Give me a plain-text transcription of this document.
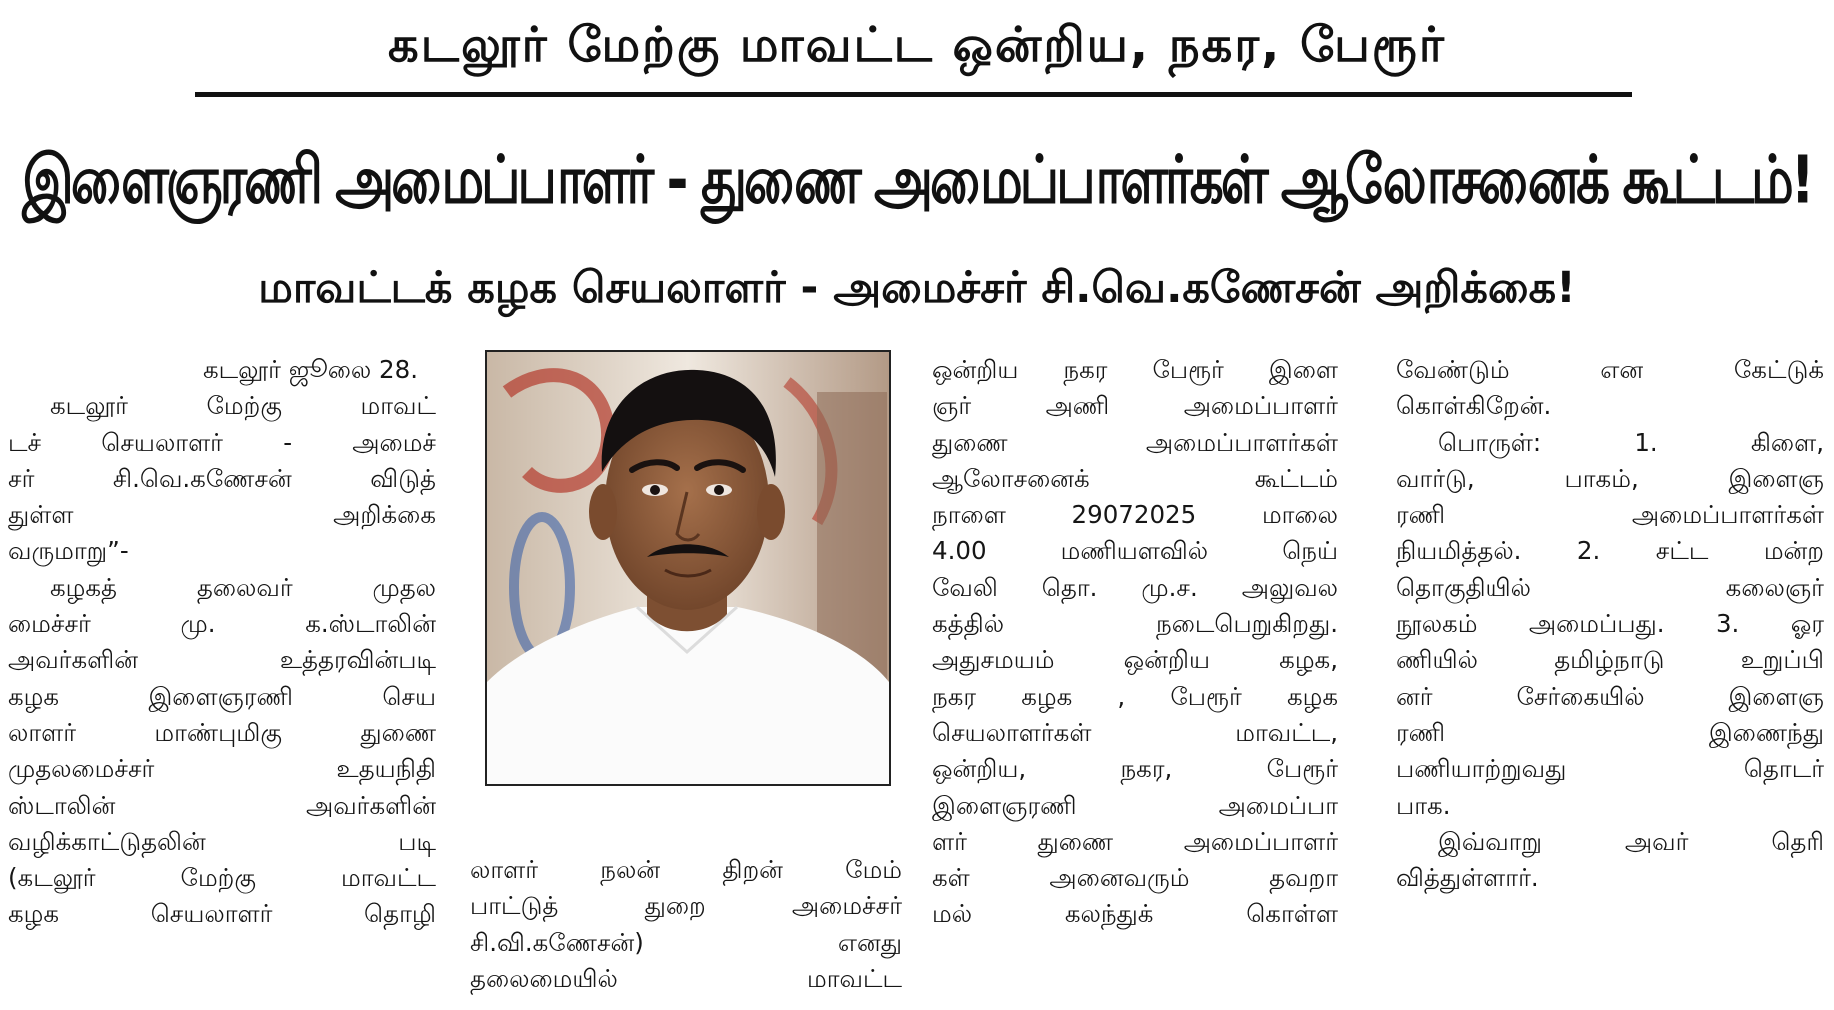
கடலூர் மேற்கு மாவட்ட ஒன்றிய, நகர, பேரூர்
இளைஞரணி அமைப்பாளர் - துணை அமைப்பாளர்கள் ஆலோசனைக் கூட்டம்!
மாவட்டக் கழக செயலாளர் - அமைச்சர் சி.வெ.கணேசன் அறிக்கை!
கடலூர் ஜூலை 28.
கடலூர் மேற்கு மாவட்
டச் செயலாளர் - அமைச்
சர் சி.வெ.கணேசன் விடுத்
துள்ள அறிக்கை
வருமாறு”-
கழகத் தலைவர் முதல
மைச்சர் மு. க.ஸ்டாலின்
அவர்களின் உத்தரவின்படி
கழக இளைஞரணி செய
லாளர் மாண்புமிகு துணை
முதலமைச்சர் உதயநிதி
ஸ்டாலின் அவர்களின்
வழிக்காட்டுதலின் படி
(கடலூர் மேற்கு மாவட்ட
கழக செயலாளர் தொழி
லாளர் நலன் திறன் மேம்
பாட்டுத் துறை அமைச்சர்
சி.வி.கணேசன்) எனது
தலைமையில் மாவட்ட
ஒன்றிய நகர பேரூர் இளை
ஞர் அணி அமைப்பாளர்
துணை அமைப்பாளர்கள்
ஆலோசனைக் கூட்டம்
நாளை 29072025 மாலை
4.00 மணியளவில் நெய்
வேலி தொ. மு.ச. அலுவல
கத்தில் நடைபெறுகிறது.
அதுசமயம் ஒன்றிய கழக,
நகர கழக , பேரூர் கழக
செயலாளர்கள் மாவட்ட,
ஒன்றிய, நகர, பேரூர்
இளைஞரணி அமைப்பா
ளர் துணை அமைப்பாளர்
கள் அனைவரும் தவறா
மல் கலந்துக் கொள்ள
வேண்டும் என கேட்டுக்
கொள்கிறேன்.
பொருள்: 1. கிளை,
வார்டு, பாகம், இளைஞ
ரணி அமைப்பாளர்கள்
நியமித்தல். 2. சட்ட மன்ற
தொகுதியில் கலைஞர்
நூலகம் அமைப்பது. 3. ஓர
ணியில் தமிழ்நாடு உறுப்பி
னர் சேர்கையில் இளைஞ
ரணி இணைந்து
பணியாற்றுவது தொடர்
பாக.
இவ்வாறு அவர் தெரி
வித்துள்ளார்.
